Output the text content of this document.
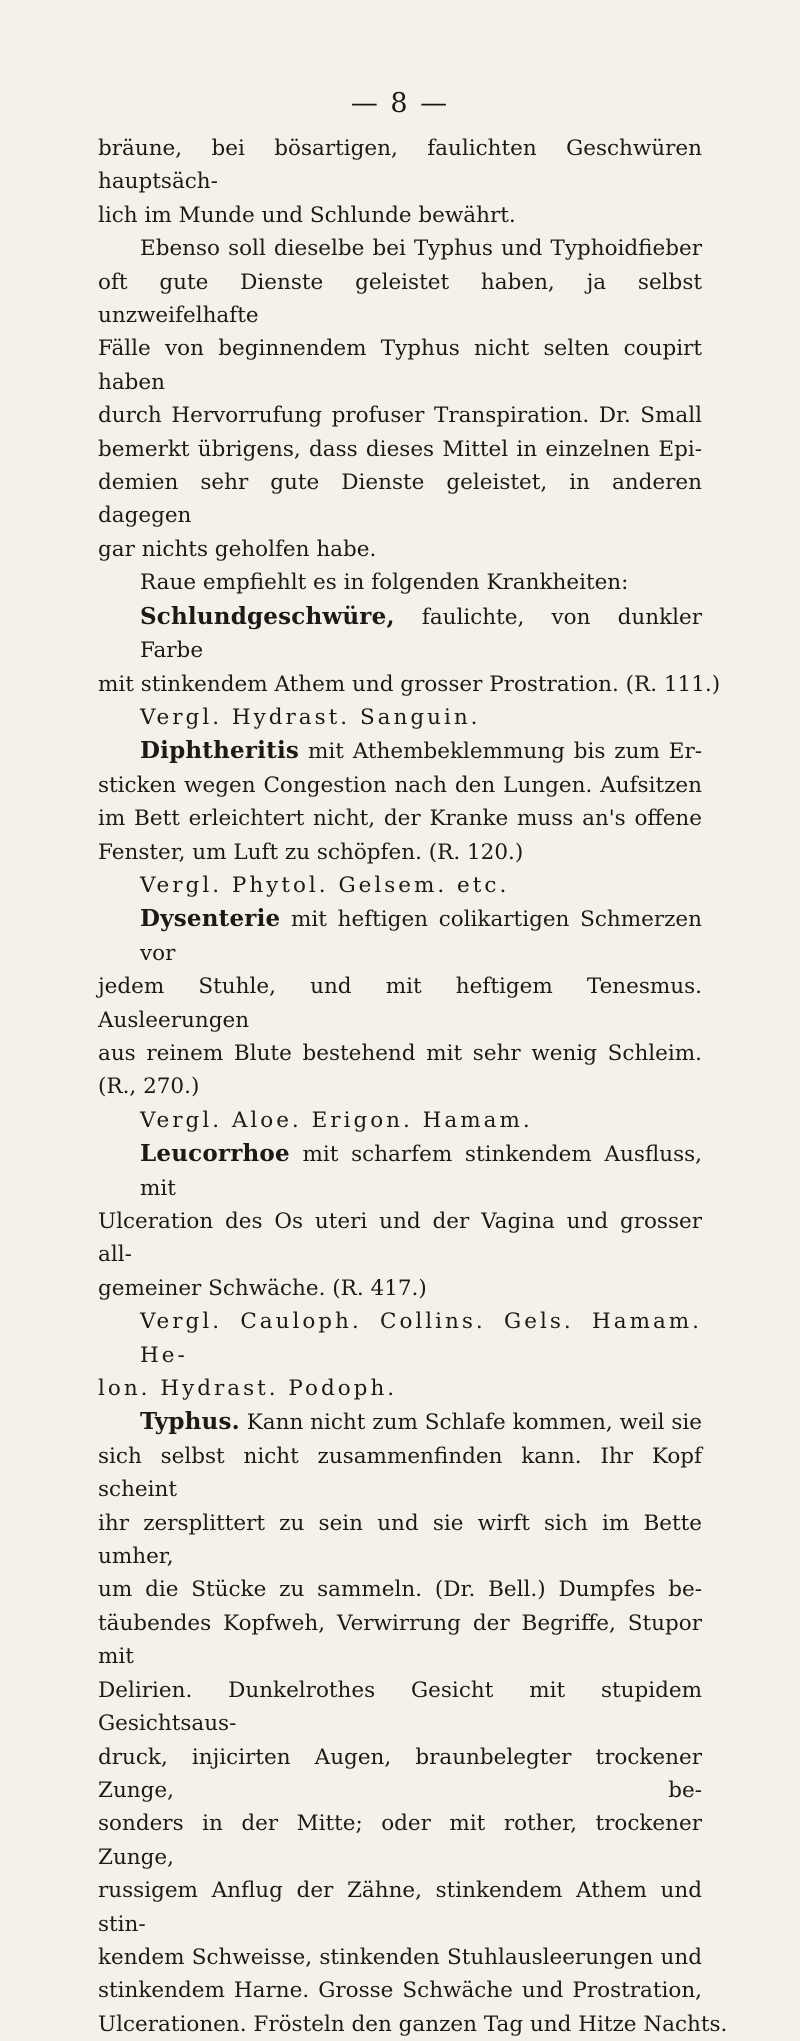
— 8 —
bräune, bei bösartigen, faulichten Geschwüren hauptsäch-
lich im Munde und Schlunde bewährt.
Ebenso soll dieselbe bei Typhus und Typhoidfieber
oft gute Dienste geleistet haben, ja selbst unzweifelhafte
Fälle von beginnendem Typhus nicht selten coupirt haben
durch Hervorrufung profuser Transpiration. Dr. Small
bemerkt übrigens, dass dieses Mittel in einzelnen Epi-
demien sehr gute Dienste geleistet, in anderen dagegen
gar nichts geholfen habe.
Raue empfiehlt es in folgenden Krankheiten:
Schlundgeschwüre, faulichte, von dunkler Farbe
mit stinkendem Athem und grosser Prostration. (R. 111.)
Vergl. Hydrast. Sanguin.
Diphtheritis mit Athembeklemmung bis zum Er-
sticken wegen Congestion nach den Lungen. Aufsitzen
im Bett erleichtert nicht, der Kranke muss an's offene
Fenster, um Luft zu schöpfen. (R. 120.)
Vergl. Phytol. Gelsem. etc.
Dysenterie mit heftigen colikartigen Schmerzen vor
jedem Stuhle, und mit heftigem Tenesmus. Ausleerungen
aus reinem Blute bestehend mit sehr wenig Schleim.
(R., 270.)
Vergl. Aloe. Erigon. Hamam.
Leucorrhoe mit scharfem stinkendem Ausfluss, mit
Ulceration des Os uteri und der Vagina und grosser all-
gemeiner Schwäche. (R. 417.)
Vergl. Cauloph. Collins. Gels. Hamam. He-
lon. Hydrast. Podoph.
Typhus. Kann nicht zum Schlafe kommen, weil sie
sich selbst nicht zusammenfinden kann. Ihr Kopf scheint
ihr zersplittert zu sein und sie wirft sich im Bette umher,
um die Stücke zu sammeln. (Dr. Bell.) Dumpfes be-
täubendes Kopfweh, Verwirrung der Begriffe, Stupor mit
Delirien. Dunkelrothes Gesicht mit stupidem Gesichtsaus-
druck, injicirten Augen, braunbelegter trockener Zunge, be-
sonders in der Mitte; oder mit rother, trockener Zunge,
russigem Anflug der Zähne, stinkendem Athem und stin-
kendem Schweisse, stinkenden Stuhlausleerungen und
stinkendem Harne. Grosse Schwäche und Prostration,
Ulcerationen. Frösteln den ganzen Tag und Hitze Nachts.
